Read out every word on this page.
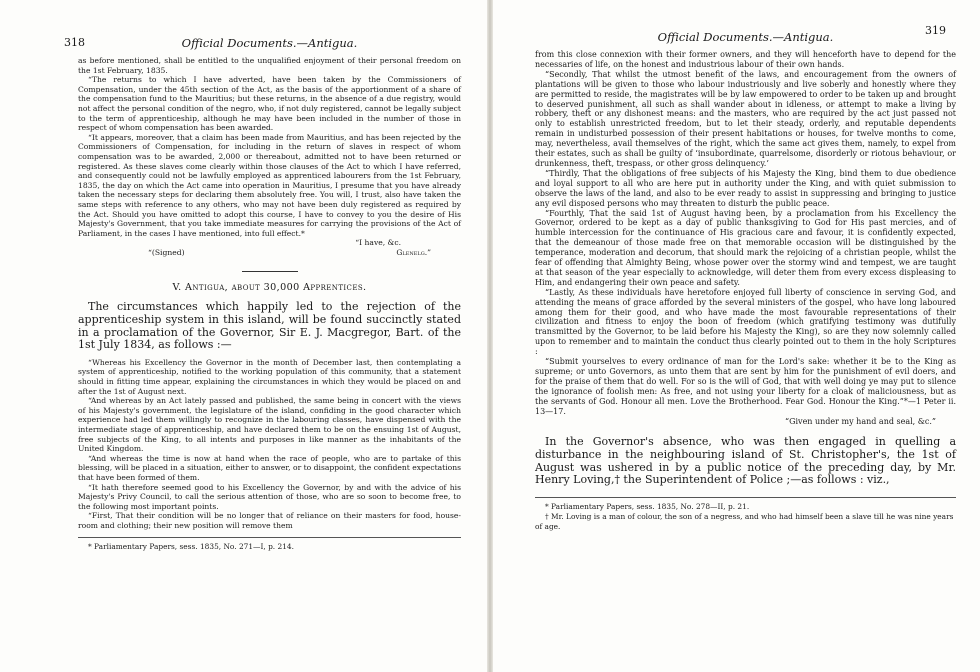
318	Official Documents.—Antigua.

as before mentioned, shall be entitled to the unqualified enjoyment of their personal freedom on the 1st February, 1835.

“The returns to which I have adverted, have been taken by the Commissioners of Compensation, under the 45th section of the Act, as the basis of the apportionment of a share of the compensation fund to the Mauritius; but these returns, in the absence of a due registry, would not affect the personal condition of the negro, who, if not duly registered, cannot be legally subject to the term of apprenticeship, although he may have been included in the number of those in respect of whom compensation has been awarded.

“It appears, moreover, that a claim has been made from Mauritius, and has been rejected by the Commissioners of Compensation, for including in the return of slaves in respect of whom compensation was to be awarded, 2,000 or thereabout, admitted not to have been returned or registered. As these slaves come clearly within those clauses of the Act to which I have referred, and consequently could not be lawfully employed as apprenticed labourers from the 1st February, 1835, the day on which the Act came into operation in Mauritius, I presume that you have already taken the necessary steps for declaring them absolutely free. You will, I trust, also have taken the same steps with reference to any others, who may not have been duly registered as required by the Act. Should you have omitted to adopt this course, I have to convey to you the desire of His Majesty's Government, that you take immediate measures for carrying the provisions of the Act of Parliament, in the cases I have mentioned, into full effect.*

“I have, &c.

“(Signed)	Glenelg.”
V. Antigua, about 30,000 Apprentices.

The circumstances which happily led to the rejection of the apprenticeship system in this island, will be found succinctly stated in a proclamation of the Governor, Sir E. J. Macgregor, Bart. of the 1st July 1834, as follows :—

“Whereas his Excellency the Governor in the month of December last, then contemplating a system of apprenticeship, notified to the working population of this community, that a statement should in fitting time appear, explaining the circumstances in which they would be placed on and after the 1st of August next.

“And whereas by an Act lately passed and published, the same being in concert with the views of his Majesty's government, the legislature of the island, confiding in the good character which experience had led them willingly to recognize in the labouring classes, have dispensed with the intermediate stage of apprenticeship, and have declared them to be on the ensuing 1st of August, free subjects of the King, to all intents and purposes in like manner as the inhabitants of the United Kingdom.

“And whereas the time is now at hand when the race of people, who are to partake of this blessing, will be placed in a situation, either to answer, or to disappoint, the confident expectations that have been formed of them.

“It hath therefore seemed good to his Excellency the Governor, by and with the advice of his Majesty's Privy Council, to call the serious attention of those, who are so soon to become free, to the following most important points.

“First, That their condition will be no longer that of reliance on their masters for food, house-room and clothing; their new position will remove them

* Parliamentary Papers, sess. 1835, No. 271—I, p. 214.

Official Documents.—Antigua.	319

from this close connexion with their former owners, and they will henceforth have to depend for the necessaries of life, on the honest and industrious labour of their own hands.

“Secondly, That whilst the utmost benefit of the laws, and encouragement from the owners of plantations will be given to those who labour industriously and live soberly and honestly where they are permitted to reside, the magistrates will be by law empowered to order to be taken up and brought to deserved punishment, all such as shall wander about in idleness, or attempt to make a living by robbery, theft or any dishonest means: and the masters, who are required by the act just passed not only to establish unrestricted freedom, but to let their steady, orderly, and reputable dependents remain in undisturbed possession of their present habitations or houses, for twelve months to come, may, nevertheless, avail themselves of the right, which the same act gives them, namely, to expel from their estates, such as shall be guilty of ‘insubordinate, quarrelsome, disorderly or riotous behaviour, or drunkenness, theft, trespass, or other gross delinquency.’

“Thirdly, That the obligations of free subjects of his Majesty the King, bind them to due obedience and loyal support to all who are here put in authority under the King, and with quiet submission to observe the laws of the land, and also to be ever ready to assist in suppressing and bringing to justice any evil disposed persons who may threaten to disturb the public peace.

“Fourthly, That the said 1st of August having been, by a proclamation from his Excellency the Governor, ordered to be kept as a day of public thanksgiving to God for His past mercies, and of humble intercession for the continuance of His gracious care and favour, it is confidently expected, that the demeanour of those made free on that memorable occasion will be distinguished by the temperance, moderation and decorum, that should mark the rejoicing of a christian people, whilst the fear of offending that Almighty Being, whose power over the stormy wind and tempest, we are taught at that season of the year especially to acknowledge, will deter them from every excess displeasing to Him, and endangering their own peace and safety.

“Lastly, As these individuals have heretofore enjoyed full liberty of conscience in serving God, and attending the means of grace afforded by the several ministers of the gospel, who have long laboured among them for their good, and who have made the most favourable representations of their civilization and fitness to enjoy the boon of freedom (which gratifying testimony was dutifully transmitted by the Governor, to be laid before his Majesty the King), so are they now solemnly called upon to remember and to maintain the conduct thus clearly pointed out to them in the holy Scriptures :

“Submit yourselves to every ordinance of man for the Lord's sake: whether it be to the King as supreme; or unto Governors, as unto them that are sent by him for the punishment of evil doers, and for the praise of them that do well. For so is the will of God, that with well doing ye may put to silence the ignorance of foolish men: As free, and not using your liberty for a cloak of maliciousness, but as the servants of God. Honour all men. Love the Brotherhood. Fear God. Honour the King.”*—1 Peter ii. 13—17.

“Given under my hand and seal, &c.”

In the Governor's absence, who was then engaged in quelling a disturbance in the neighbouring island of St. Christopher's, the 1st of August was ushered in by a public notice of the preceding day, by Mr. Henry Loving,† the Superintendent of Police ;—as follows : viz.,

* Parliamentary Papers, sess. 1835, No. 278—II, p. 21.

† Mr. Loving is a man of colour, the son of a negress, and who had himself been a slave till he was nine years of age.
